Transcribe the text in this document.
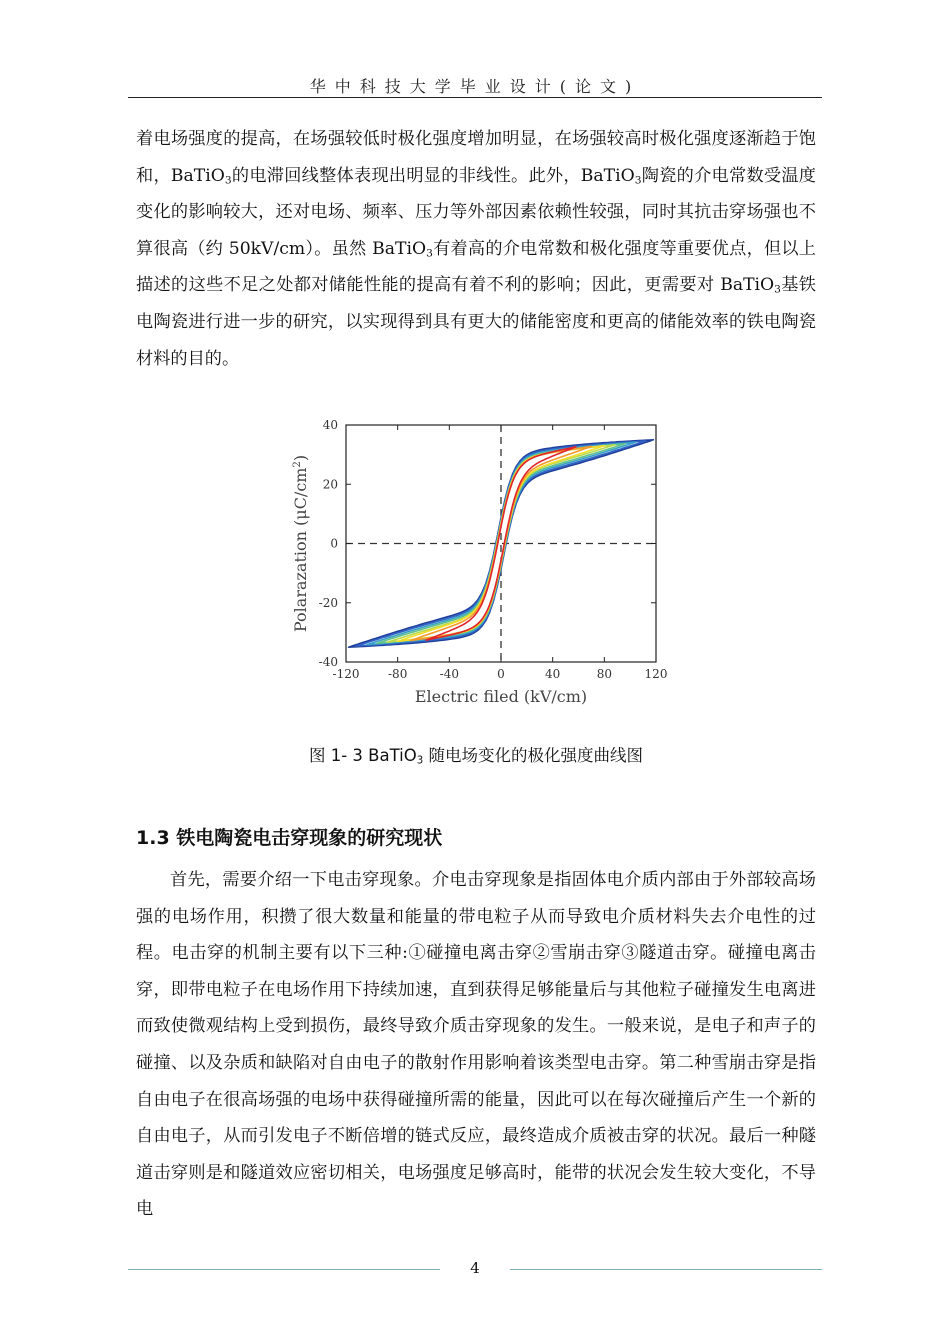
华中科技大学毕业设计(论文)

着电场强度的提高，在场强较低时极化强度增加明显，在场强较高时极化强度逐渐趋于饱和，BaTiO$_3$的电滞回线整体表现出明显的非线性。此外，BaTiO$_3$陶瓷的介电常数受温度变化的影响较大，还对电场、频率、压力等外部因素依赖性较强，同时其抗击穿场强也不算很高（约 50kV/cm）。虽然 BaTiO$_3$有着高的介电常数和极化强度等重要优点，但以上描述的这些不足之处都对储能性能的提高有着不利的影响；因此，更需要对 BaTiO$_3$基铁电陶瓷进行进一步的研究，以实现得到具有更大的储能密度和更高的储能效率的铁电陶瓷材料的目的。

-120 -80	-40	0	40	80	120
-40
-20
0
20
40
Electric filed (kV/cm)
Polarazation $(\mu C/cm^2)$
图 1- 3 BaTiO$_3$ 随电场变化的极化强度曲线图
1.3 铁电陶瓷电击穿现象的研究现状

首先，需要介绍一下电击穿现象。介电击穿现象是指固体电介质内部由于外部较高场强的电场作用，积攒了很大数量和能量的带电粒子从而导致电介质材料失去介电性的过程。电击穿的机制主要有以下三种:①碰撞电离击穿②雪崩击穿③隧道击穿。碰撞电离击穿，即带电粒子在电场作用下持续加速，直到获得足够能量后与其他粒子碰撞发生电离进而致使微观结构上受到损伤，最终导致介质击穿现象的发生。一般来说，是电子和声子的碰撞、以及杂质和缺陷对自由电子的散射作用影响着该类型电击穿。第二种雪崩击穿是指自由电子在很高场强的电场中获得碰撞所需的能量，因此可以在每次碰撞后产生一个新的自由电子，从而引发电子不断倍增的链式反应，最终造成介质被击穿的状况。最后一种隧道击穿则是和隧道效应密切相关，电场强度足够高时，能带的状况会发生较大变化，不导电

4
